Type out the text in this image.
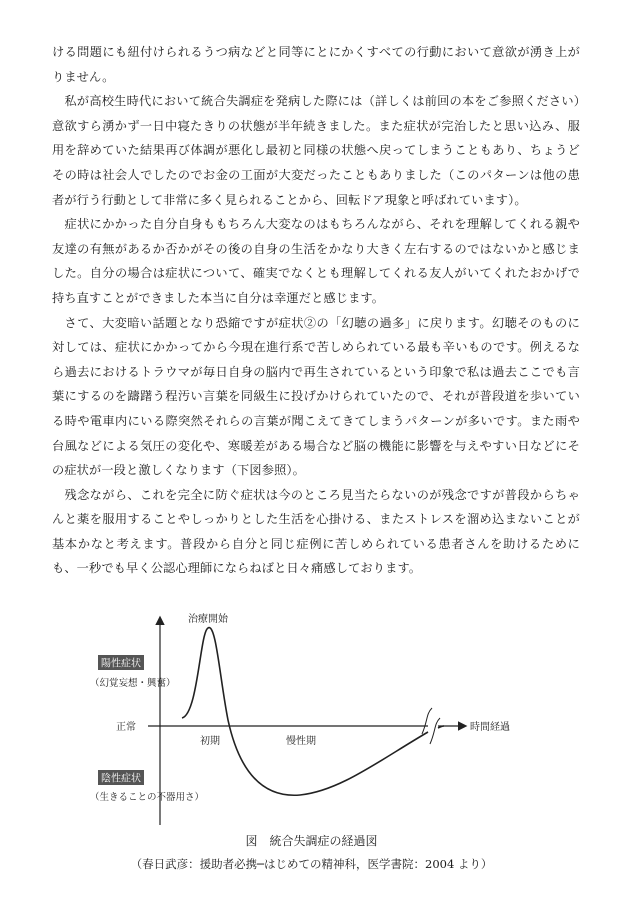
ける問題にも紐付けられるうつ病などと同等にとにかくすべての行動において意欲が湧き上がりません。

私が高校生時代において統合失調症を発病した際には（詳しくは前回の本をご参照ください）意欲すら湧かず一日中寝たきりの状態が半年続きました。また症状が完治したと思い込み、服用を辞めていた結果再び体調が悪化し最初と同様の状態へ戻ってしまうこともあり、ちょうどその時は社会人でしたのでお金の工面が大変だったこともありました（このパターンは他の患者が行う行動として非常に多く見られることから、回転ドア現象と呼ばれています）。

症状にかかった自分自身ももちろん大変なのはもちろんながら、それを理解してくれる親や友達の有無があるか否かがその後の自身の生活をかなり大きく左右するのではないかと感じました。自分の場合は症状について、確実でなくとも理解してくれる友人がいてくれたおかげで持ち直すことができました本当に自分は幸運だと感じます。

さて、大変暗い話題となり恐縮ですが症状②の「幻聴の過多」に戻ります。幻聴そのものに対しては、症状にかかってから今現在進行系で苦しめられている最も辛いものです。例えるなら過去におけるトラウマが毎日自身の脳内で再生されているという印象で私は過去ここでも言葉にするのを躊躇う程汚い言葉を同級生に投げかけられていたので、それが普段道を歩いている時や電車内にいる際突然それらの言葉が聞こえてきてしまうパターンが多いです。また雨や台風などによる気圧の変化や、寒暖差がある場合など脳の機能に影響を与えやすい日などにその症状が一段と激しくなります（下図参照）。

残念ながら、これを完全に防ぐ症状は今のところ見当たらないのが残念ですが普段からちゃんと薬を服用することやしっかりとした生活を心掛ける、またストレスを溜め込まないことが基本かなと考えます。普段から自分と同じ症例に苦しめられている患者さんを助けるためにも、一秒でも早く公認心理師にならねばと日々痛感しております。

陽性症状
（幻覚妄想・興奮）
治療開始
正常	時間経過
初期	慢性期
陰性症状
（生きることの不器用さ）
図　統合失調症の経過図
（春日武彦：援助者必携─はじめての精神科，医学書院：2004 より）
